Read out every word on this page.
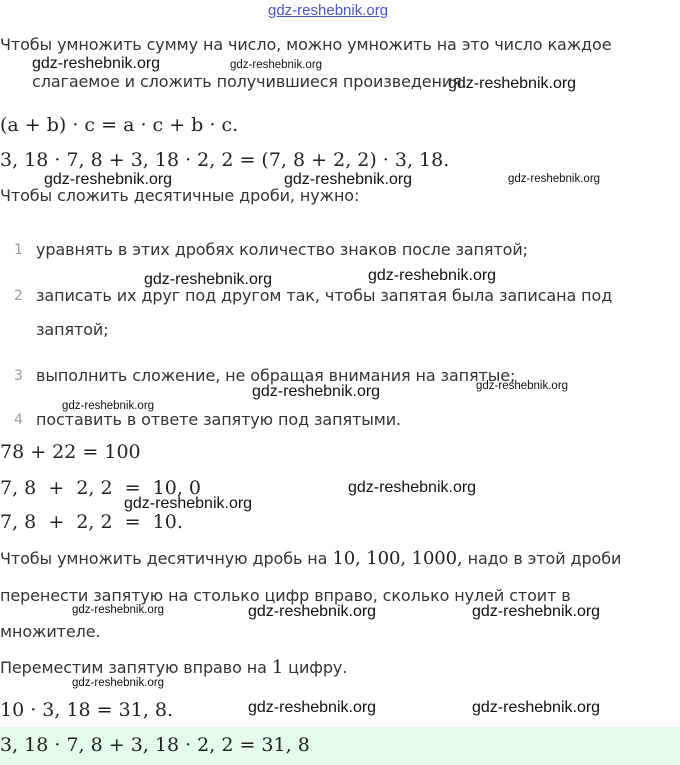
gdz-reshebnik.org
gdz-reshebnik.org	gdz-reshebnik.org
gdz-reshebnik.org
gdz-reshebnik.org	gdz-reshebnik.org	gdz-reshebnik.org
gdz-reshebnik.org	gdz-reshebnik.org
gdz-reshebnik.org	gdz-reshebnik.org
gdz-reshebnik.org
gdz-reshebnik.org
gdz-reshebnik.org
gdz-reshebnik.org	gdz-reshebnik.org	gdz-reshebnik.org
gdz-reshebnik.org
gdz-reshebnik.org	gdz-reshebnik.org
Чтобы умножить сумму на число, можно умножить на это число каждое
слагаемое и сложить получившиеся произведения.
(a + b) · c = a · c + b · c.
3, 18 · 7, 8 + 3, 18 · 2, 2 = (7, 8 + 2, 2) · 3, 18.
Чтобы сложить десятичные дроби, нужно:
1 уравнять в этих дробях количество знаков после запятой;
2 записать их друг под другом так, чтобы запятая была записана под
запятой;
3 выполнить сложение, не обращая внимания на запятые;
4 поставить в ответе запятую под запятыми.
78 + 22 = 100
7, 8  +  2, 2  =  10, 0
7, 8  +  2, 2  =  10.
Чтобы умножить десятичную дробь на 10, 100, 1000, надо в этой дроби
перенести запятую на столько цифр вправо, сколько нулей стоит в
множителе.
Переместим запятую вправо на 1 цифру.
10 · 3, 18 = 31, 8.
3, 18 · 7, 8 + 3, 18 · 2, 2 = 31, 8
